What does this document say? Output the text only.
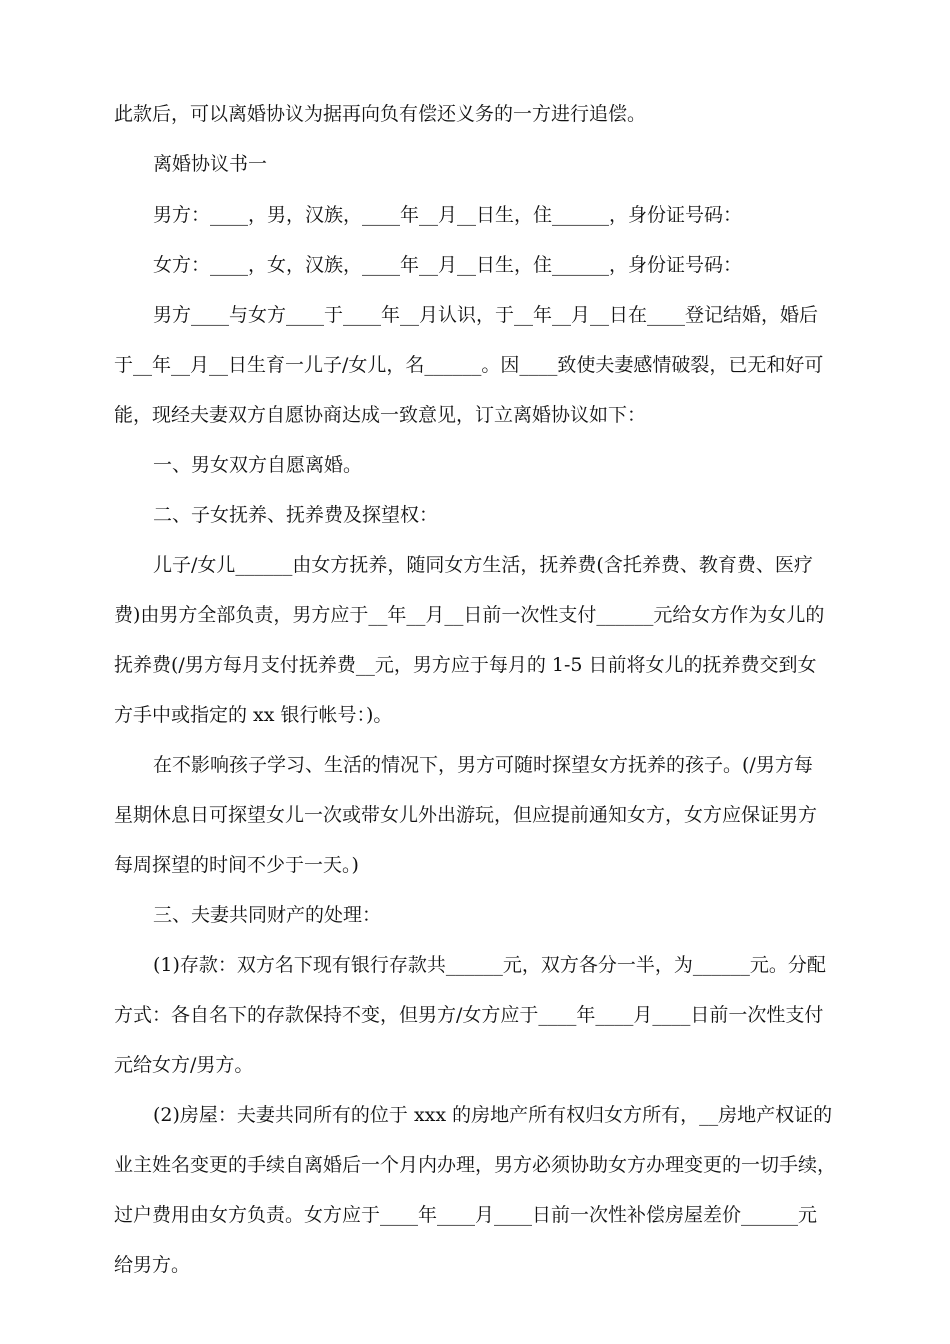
此款后，可以离婚协议为据再向负有偿还义务的一方进行追偿。
离婚协议书一
男方：____，男，汉族，____年__月__日生，住______，身份证号码：
女方：____，女，汉族，____年__月__日生，住______，身份证号码：
男方____与女方____于____年__月认识，于__年__月__日在____登记结婚，婚后
于__年__月__日生育一儿子/女儿，名______。因____致使夫妻感情破裂，已无和好可
能，现经夫妻双方自愿协商达成一致意见，订立离婚协议如下：
一、男女双方自愿离婚。
二、子女抚养、抚养费及探望权：
儿子/女儿______由女方抚养，随同女方生活，抚养费(含托养费、教育费、医疗
费)由男方全部负责，男方应于__年__月__日前一次性支付______元给女方作为女儿的
抚养费(/男方每月支付抚养费__元，男方应于每月的 1-5 日前将女儿的抚养费交到女
方手中或指定的 xx 银行帐号：)。
在不影响孩子学习、生活的情况下，男方可随时探望女方抚养的孩子。(/男方每
星期休息日可探望女儿一次或带女儿外出游玩，但应提前通知女方，女方应保证男方
每周探望的时间不少于一天。)
三、夫妻共同财产的处理：
(1)存款：双方名下现有银行存款共______元，双方各分一半，为______元。分配
方式：各自名下的存款保持不变，但男方/女方应于____年____月____日前一次性支付
元给女方/男方。
(2)房屋：夫妻共同所有的位于 xxx 的房地产所有权归女方所有，__房地产权证的
业主姓名变更的手续自离婚后一个月内办理，男方必须协助女方办理变更的一切手续，
过户费用由女方负责。女方应于____年____月____日前一次性补偿房屋差价______元
给男方。
